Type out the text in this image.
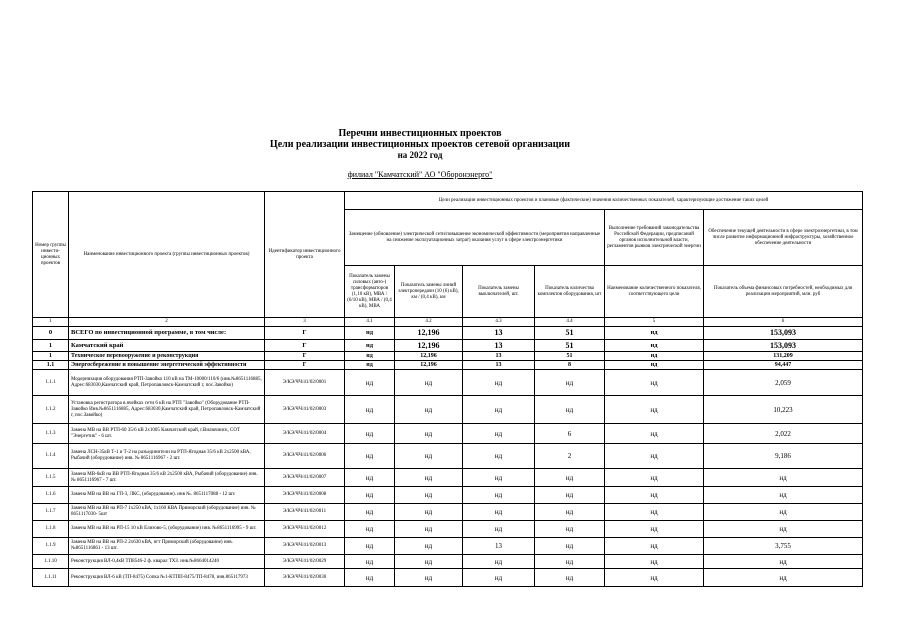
Перечни инвестиционных проектов
Цели реализации инвестиционных проектов сетевой организации
на 2022 год
филиал "Камчатский" АО "Оборонэнерго"
Номер группы инвеcти-ционных проектов	Наименование инвестиционного проекта (группы инвестиционных проектов)	Идентификатор инвестиционного проекта	Цели реализации инвестиционных проектов и плановые (фактические) значения количественных показателей, характеризующие достижение таких целей					
			Замещение (обновление) электрической сети/повышение экономической эффективности (мероприятия направленные на снижение эксплуатационных затрат) оказания услуг в сфере электроэнергетики				Выполнение требований законодательства Российской Федерации, предписаний органов исполнительной власти, регламентов рынков электрической энергии	Обеспечение текущей деятельности в сфере электроэнергетики, в том числе развитие информационной инфраструктуры, хозяйственное обеспечение деятельности
			Показатель замены силовых (авто-) трансформаторов (1,10 кВ), МВА / (6/10 кВ), МВА / (0,4 кВ), МВА	Показатель замены линий электропередачи (10 (6) кВ), км / (0,4 кВ), км	Показатель замены выключателей, шт.	Показатель количества комплектов оборудования, шт	Наименование количественного показателя, соответствующего цели	Показатель объема финансовых потребностей, необходимых для реализации мероприятий, млн. руб
1	2	3	4.1	4.2	4.3	4.4	5	6
0	ВСЕГО по инвестиционной программе, в том числе:	Г	нд	12,196	13	51	нд	153,093
1	Камчатский край	Г	нд	12,196	13	51	нд	153,093
1	Техническое перевооружение и реконструкция	Г	нд	12,196	13	51	нд	131,209
1.1	Энергосбережение и повышение энергетической эффективности	Г	нд	12,196	13	8	нд	94,447
1.1.1	Модернизация оборудования РТП-Завойко 110 кВ на ТМ-10000/110/6 (инв.№8651116885, Адрес:683030,Камчатский край, Петропавловск-Камчатский г, пос.Завойко)	Э/КЭ/ЧЧ/41/02/0001	нд	нд	нд	нд	нд	2,059
1.1.2	Установка регистратора в ячейках сети 6 кВ на РТП "Завойко" (Оборудование РТП- Завойко Инв.№8651116885, Адрес:683030,Камчатский край, Петропавловск-Камчатский г, пос.Завойко)	Э/КЭ/ЧЧ/41/02/0003	нд	нд	нд	нд	нд	10,223
1.1.3	Замена МВ на ВВ РТП-60 35/6 кВ 2х1005 Камчатский край, г.Вилючинск, СОТ "Энергетик" - 6 шт.	Э/КЭ/ЧЧ/41/02/0004	нд	нд	нд	6	нд	2,022
1.1.4	Замена ЛСН-35кВ Т-1 и Т-2 на разъединители на РТП-Ягодная 35/6 кВ 2х2500 кВА, Рыбачий (оборудование) инв. № 8651116967 - 2 шт.	Э/КЭ/ЧЧ/41/02/0006	нд	нд	нд	2	нд	9,186
1.1.5	Замена МВ-6кВ на ВВ РТП-Ягодная 35/6 кВ 2х2500 кВА, Рыбачий (оборудование) инв. № 8651116967 - 7 шт.	Э/КЭ/ЧЧ/41/02/0007	нд	нд	нд	нд	нд	нд
1.1.6	Замена МВ на ВВ на ГП-3, ЛКС, (оборудование). инв №. 8651117088 - 12 шт.	Э/КЭ/ЧЧ/41/02/0008	нд	нд	нд	нд	нд	нд
1.1.7	Замена МВ на ВВ на РП-7 1х250 кВА, 1х160 КВА Приморский (оборудование) инв. № 8651117030- 5шт	Э/КЭ/ЧЧ/41/02/0011	нд	нд	нд	нд	нд	нд
1.1.8	Замена МВ на ВВ на РП-15 10 кВ Елизово-5, (оборудование) инв. №8651116995 - 9 шт.	Э/КЭ/ЧЧ/41/02/0012	нд	нд	нд	нд	нд	нд
1.1.9	Замена МВ на ВВ на РП-2 2х630 кВА, пгт Приморский (оборудование) инв. №8651116861 - 13 шт.	Э/КЭ/ЧЧ/41/02/0013	нд	нд	13	нд	нд	3,755
1.1.10	Реконструкция ВЛ-0,4кВ ТП8546-2 ф. кварал ТХЗ. инв.№8664014240	Э/КЭ/ЧЧ/41/02/0029	нд	нд	нд	нд	нд	нд
1.1.11	Реконструкция ВЛ-6 кВ (ТП-8475) Сопка №1-КТПП-8475/ТП-8478, инв.865117973	Э/КЭ/ЧЧ/41/02/0030	нд	нд	нд	нд	нд	нд
